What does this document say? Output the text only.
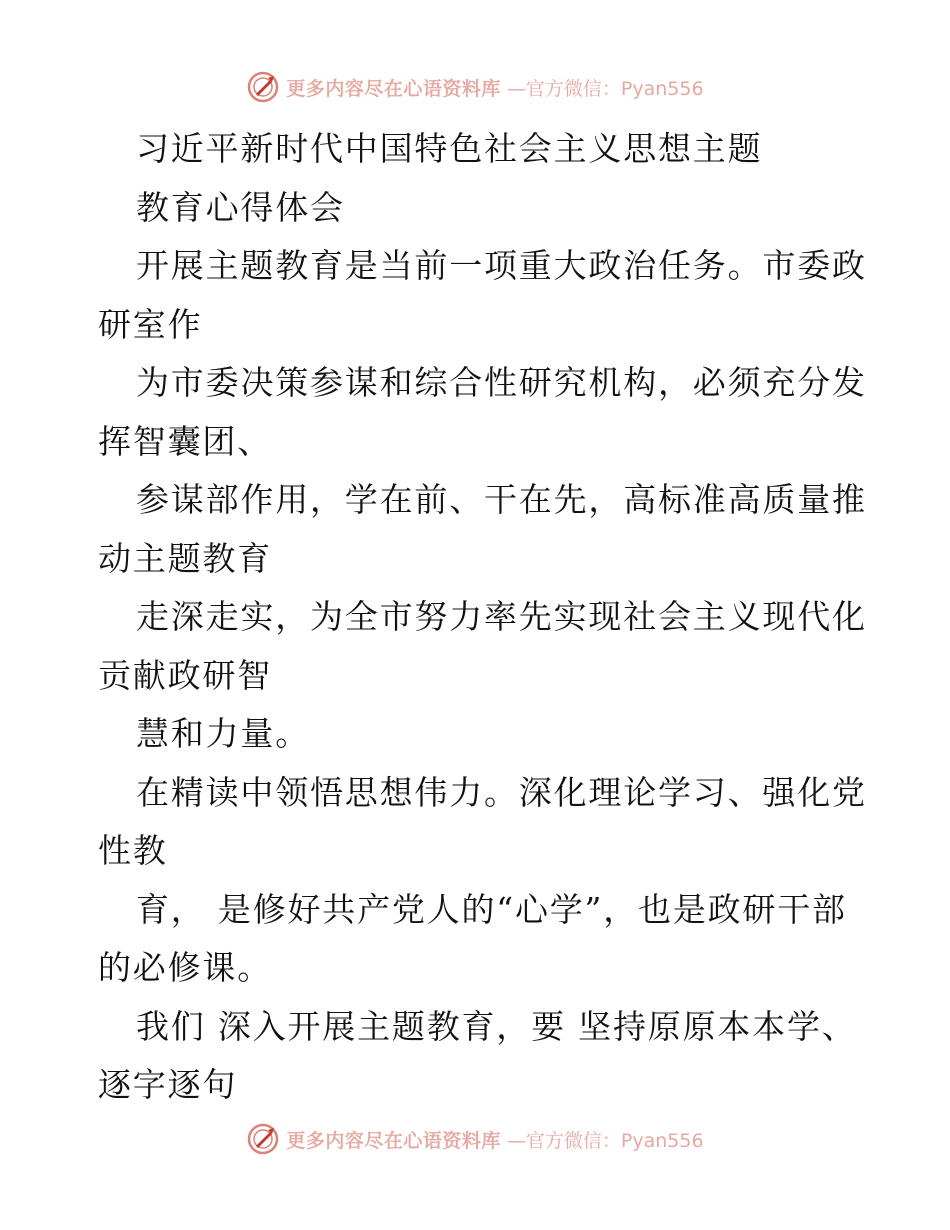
更多内容尽在心语资料库 —官方微信：Pyan556
习近平新时代中国特色社会主义思想主题
教育心得体会
开展主题教育是当前一项重大政治任务。市委政
研室作
为市委决策参谋和综合性研究机构，必须充分发
挥智囊团、
参谋部作用，学在前、干在先，高标准高质量推
动主题教育
走深走实，为全市努力率先实现社会主义现代化
贡献政研智
慧和力量。
在精读中领悟思想伟力。深化理论学习、强化党
性教
育， 是修好共产党人的“心学”，也是政研干部
的必修课。
我们 深入开展主题教育，要 坚持原原本本学、
逐字逐句
更多内容尽在心语资料库 —官方微信：Pyan556
